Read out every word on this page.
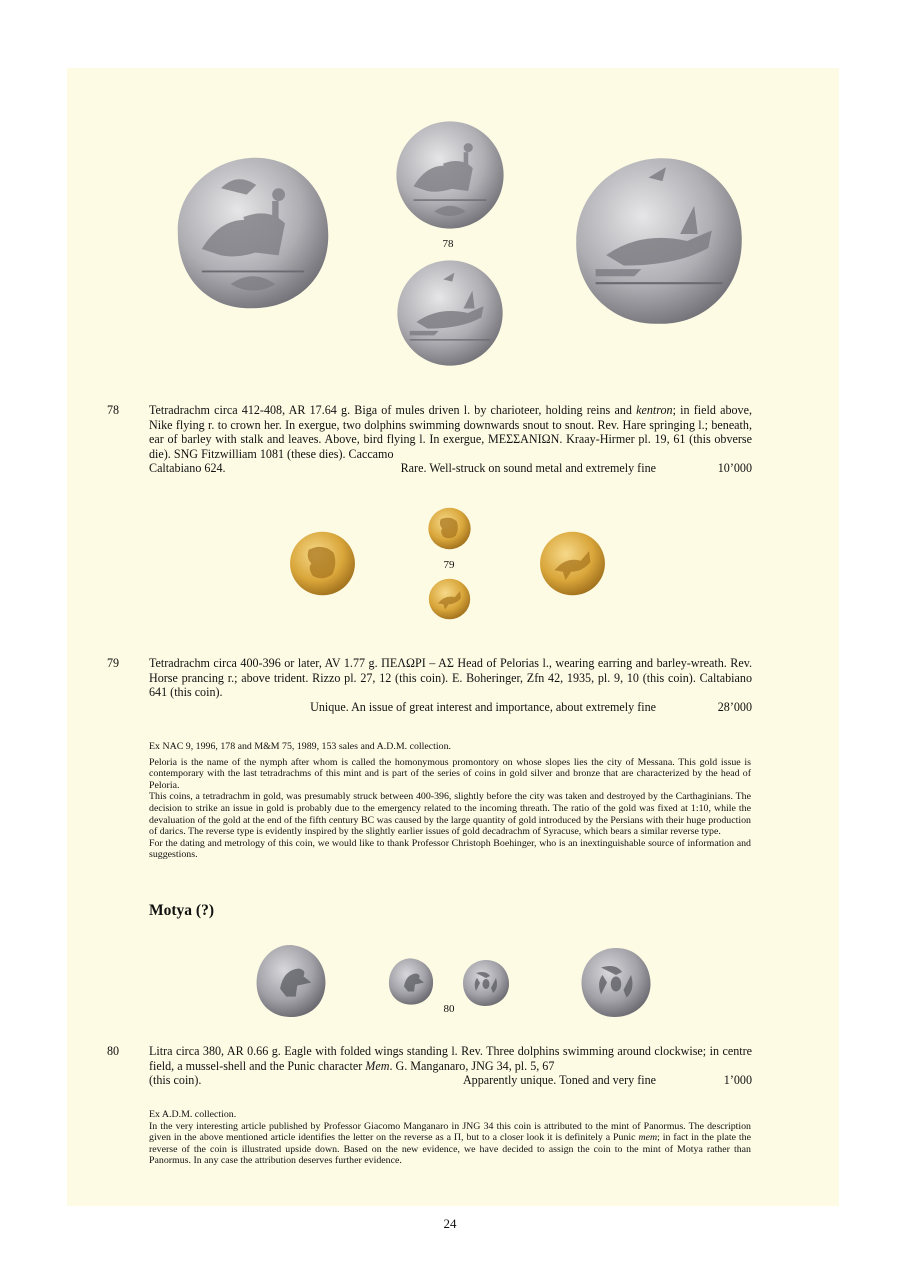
78
78	Tetradrachm circa 412-408, AR 17.64 g. Biga of mules driven l. by charioteer, holding reins and kentron; in field above, Nike flying r. to crown her. In exergue, two dolphins swimming downwards snout to snout. Rev. Hare springing l.; beneath, ear of barley with stalk and leaves. Above, bird flying l. In exergue, ΜΕΣΣΑΝΙΩΝ. Kraay-Hirmer pl. 19, 61 (this obverse die). SNG Fitzwilliam 1081 (these dies). Caccamo
Caltabiano 624.	Rare. Well-struck on sound metal and extremely fine	10’000
79
79	Tetradrachm circa 400-396 or later, AV 1.77 g. ΠΕΛΩΡΙ – ΑΣ Head of Pelorias l., wearing earring and barley-wreath. Rev. Horse prancing r.; above trident. Rizzo pl. 27, 12 (this coin). E. Boheringer, Zfn 42, 1935, pl. 9, 10 (this coin). Caltabiano 641 (this coin).
Unique. An issue of great interest and importance, about extremely fine	28’000

Ex NAC 9, 1996, 178 and M&M 75, 1989, 153 sales and A.D.M. collection.

Peloria is the name of the nymph after whom is called the homonymous promontory on whose slopes lies the city of Messana. This gold issue is contemporary with the last tetradrachms of this mint and is part of the series of coins in gold silver and bronze that are characterized by the head of Peloria.

This coins, a tetradrachm in gold, was presumably struck between 400-396, slightly before the city was taken and destroyed by the Carthaginians. The decision to strike an issue in gold is probably due to the emergency related to the incoming threath. The ratio of the gold was fixed at 1:10, while the devaluation of the gold at the end of the fifth century BC was caused by the large quantity of gold introduced by the Persians with their huge production of darics. The reverse type is evidently inspired by the slightly earlier issues of gold decadrachm of Syracuse, which bears a similar reverse type.

For the dating and metrology of this coin, we would like to thank Professor Christoph Boehinger, who is an inextinguishable source of information and suggestions.

Motya (?)
80
80	Litra circa 380, AR 0.66 g. Eagle with folded wings standing l. Rev. Three dolphins swimming around clockwise; in centre field, a mussel-shell and the Punic character Mem. G. Manganaro, JNG 34, pl. 5, 67
(this coin).	Apparently unique. Toned and very fine	1’000

Ex A.D.M. collection.

In the very interesting article published by Professor Giacomo Manganaro in JNG 34 this coin is attributed to the mint of Panormus. The description given in the above mentioned article identifies the letter on the reverse as a Π, but to a closer look it is definitely a Punic mem; in fact in the plate the reverse of the coin is illustrated upside down. Based on the new evidence, we have decided to assign the coin to the mint of Motya rather than Panormus. In any case the attribution deserves further evidence.

24
